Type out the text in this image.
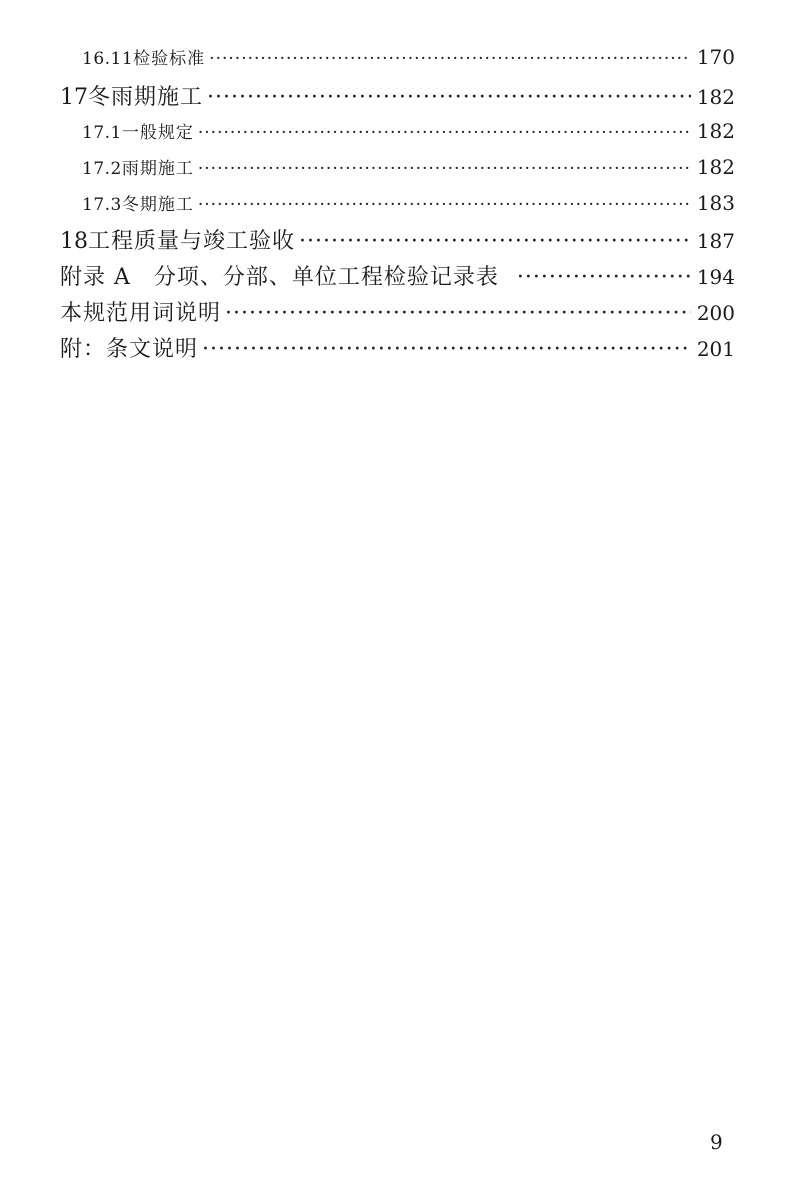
16.11 检验标准 ·····	170
17 冬雨期施工 ·····	182
17.1 一般规定 ·····	182
17.2 雨期施工 ·····	182
17.3 冬期施工 ·····	183
18 工程质量与竣工验收 ·····	187
附录 A　分项、分部、单位工程检验记录表 ·····	194
本规范用词说明 ·····	200
附：条文说明 ·····	201
9
